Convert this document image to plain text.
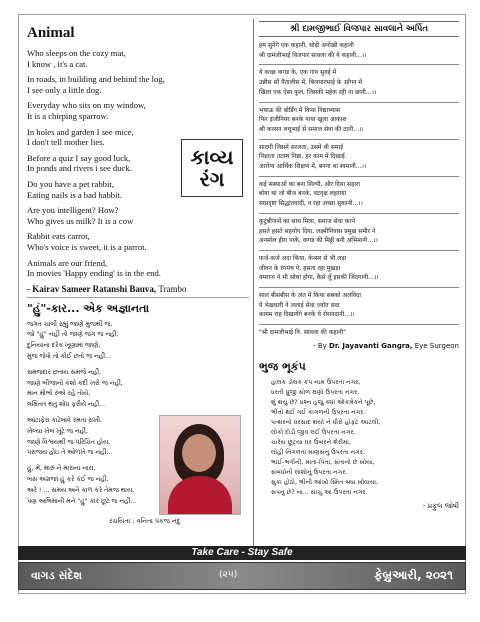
Animal
Who sleeps on the cozy mat,
I know , it's a cat.
In roads, in building and behind the log,
I see only a little dog.
Everyday who sits on my window,
It is a chirping sparrow.
In holes and garden I see mice,
I don't tell mother lies.
Before a quiz I say good luck,
In ponds and rivers i see duck.
Do you have a pet rabbit,
Eating nails is a bad habbit.
Are you intelligent? How?
Who gives us milk? It is a cow
Rabbit eats carrot,
Who's voice is sweet, it is a parrot.
Animals are our friend,
In movies 'Happy ending' is in the end.
- Kairav Sameer Ratanshi Bauva, Trambo
"હું"-કાર... એક અજ્ઞાનતા
જગત ચાલી રહ્યું જાણે મુજથી જ,
જો "હું" નહીં તો જાણે જગ જ નહીં,
દુનિયાના દરેક ખૂણામાં જાણે,
મુજ જેવો તો કોઈ છતો જ નહીં...
સમજદાર છતાંય સમજે નહીં,
જાણે બીજાનો કશો કદી ખરો જ નહીં,
માન મોભો રુએ રહે તોયે,
લક્ષિતત થતું શોધ ફરીયે નહીં...
આંટાફેરા કાઢેલાવે રમતા રાખી,
ખેલ્યા ખેલ ખૂંટે જ નહીં,
જાણે વિશ્વયથી જ પરિચિત હોય,
પરાજય હોઇ તે ઓળખે જ નહીં...
હું, મેં, મારું ને મારાના નારા,
બસ અંગ્રજા હું કરે કંઈ જ નહીં,
અરે ! ... સમય અને કાળ કરે તેમજ થાય,
પણ અભિમાની મને "હું" કાર છૂટે જ નહીં...
કાવ્ય
રંગ
રચયિતા : વનિતા પંકજ નંદુ
શ્રી દામજીભાઈ વિજપાર સાવલાને અર્પિત
हम सुनेंगे एक कहानी, थोड़ी अनोखी कहानी
श्री दामजीभाई विजपार सावला की ये कहानी...।।
ये कच्छ वागड के, एक गांव सुवई में
उन्नीस सौ पैंतालीस में, बिजपारभाई के आँगन में
खिला एक ऐसा फूल, जिसकी महेक रही ना छानी...।।
भचाऊ की बोर्डिंग में किया विद्याभ्यास
फिर इंजीनियर बनके पाया खुला आकाश
श्री करसन लधुभाई से समाज सेवा की ठानी...।।
सादगी जिसमें सरलता, उसमें थी समाई
निडरता तटस्थ निष्ठा, हर काम में दिखाई
आरोग्य आर्थिक शिक्षण में, बनना था स्वमानी...।।
कई संस्थाओं का बना शिल्पी, और दिया सहारा
बोया था जो बीज बनके, वटवृक्ष लहराया
स्वप्नदृष्टा सिद्धांतवादी, व रहा अच्छा सुकानी...।।
कुटुंबीजनों का साथ मिला, समाज सेवा करने
हसते हसते सहयोग दिया, लक्ष्मीनिवास प्रमुख समीर ने
अनमोल हीरा पाके, वागड की मिट्टी बनी अभिमानी...।।
फर्ज-कर्ज अदा किया, केन्सर से भी लड़ा
जीवन के रंगमंच पे, हसता रहा मुखड़ा
यमराज ने भी सोचा होगा, कैसे लूँ इसकी जिंदगानी...।।
साल बीसबीस के अंत में किया सबको अलविदा
ये भेखधारी ने जलाई सेवा ज्योत सदा
कायम राह दिखायेंगे बनके ये रोशनदानी...।।
"श्री दामजीभाई वि. सावला की कहानी"
- By Dr. Jayavanti Gangra, Eye Surgeon
ભુજ ભૂકંપ
હાલક ડોલક કંપ નામ ઉપરતા નગર,
ધરતી ધ્રુજી સોળ ક્ષણો ઉપરતા નગર.
શું થયું છે? પ્રશ્ન હજુ ક્યાં ઓકમેકને પૂછે,
ભીંતો થઈ ગઈ કાગળની ઉપરતા નગર.
પત્થરનો વરસાદ થયો ને ધીરો હૉફ્ટે આટલી,
લોકો દોડી જીવ લઈ ઉપરતા નગર.
ચારેય છૂટ્યા ઘર ઉંબરને શેરીમાં,
લોહી નિંગળતા માણસનું ઉપરતા નગર.
ભાઈ-ભત્રીની, માતા-પિતા, સંતાનો છે ખોયા,
સંબંધોની લાશોનું ઉપરતા નગર.
સુકા હોઠો, ભીની આંખો સ્મિત બધા ખોવાયા,
સપનું છે? ના... સાચું આ ઉપરતા નગર.
- પ્રફુલ જોષી
Take Care - Stay Safe
વાગડ સંદેશ	(૨૫)	ફેબ્રુઆરી, ૨૦૨૧
